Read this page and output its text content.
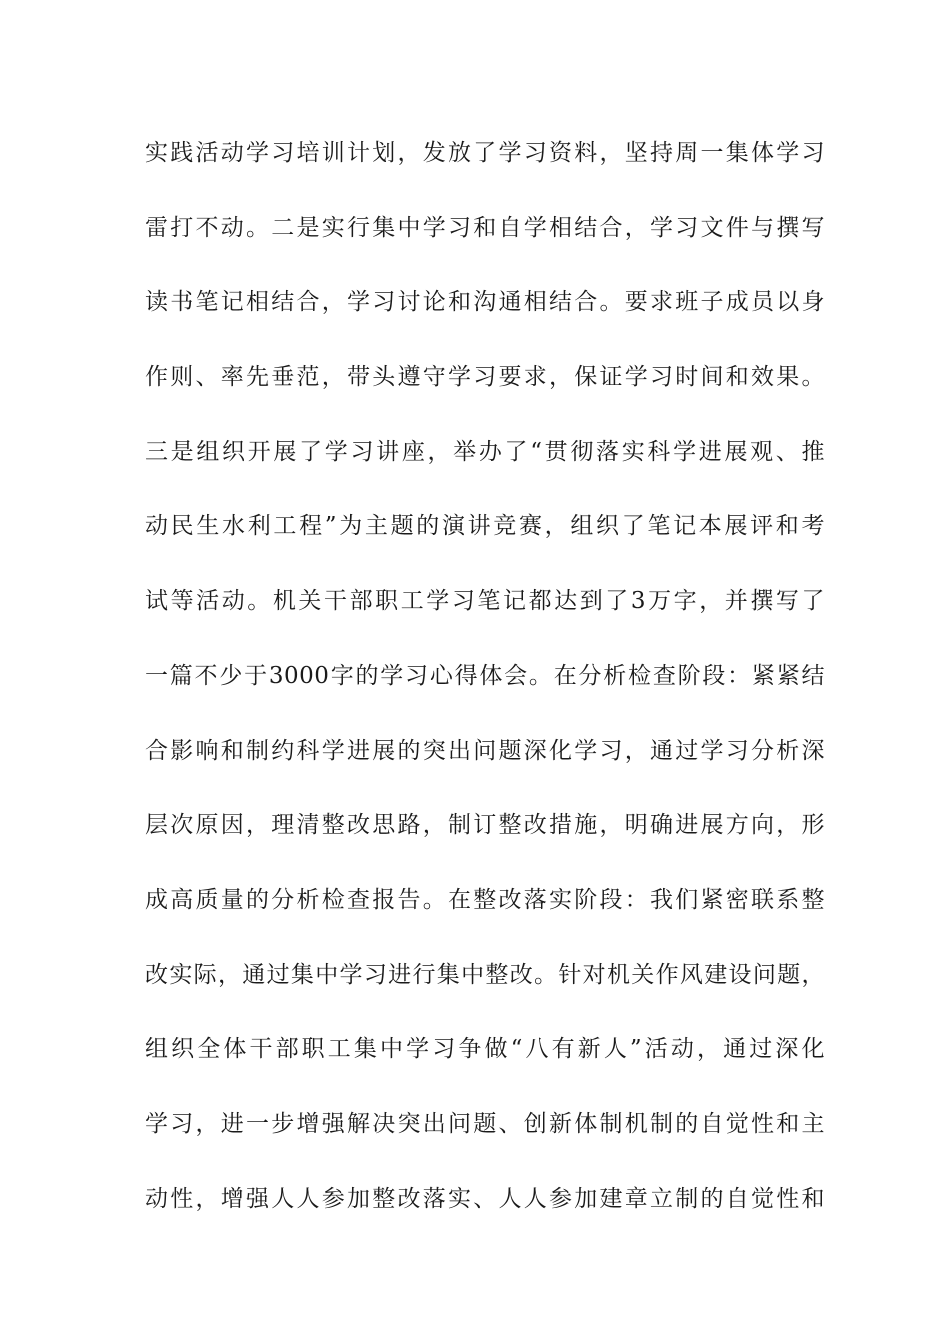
实践活动学习培训计划，发放了学习资料，坚持周一集体学习
雷打不动。二是实行集中学习和自学相结合，学习文件与撰写
读书笔记相结合，学习讨论和沟通相结合。要求班子成员以身
作则、率先垂范，带头遵守学习要求，保证学习时间和效果。
三是组织开展了学习讲座，举办了“贯彻落实科学进展观、推
动民生水利工程”为主题的演讲竞赛，组织了笔记本展评和考
试等活动。机关干部职工学习笔记都达到了3万字，并撰写了
一篇不少于3000字的学习心得体会。在分析检查阶段：紧紧结
合影响和制约科学进展的突出问题深化学习，通过学习分析深
层次原因，理清整改思路，制订整改措施，明确进展方向，形
成高质量的分析检查报告。在整改落实阶段：我们紧密联系整
改实际，通过集中学习进行集中整改。针对机关作风建设问题，
组织全体干部职工集中学习争做“八有新人”活动，通过深化
学习，进一步增强解决突出问题、创新体制机制的自觉性和主
动性，增强人人参加整改落实、人人参加建章立制的自觉性和
